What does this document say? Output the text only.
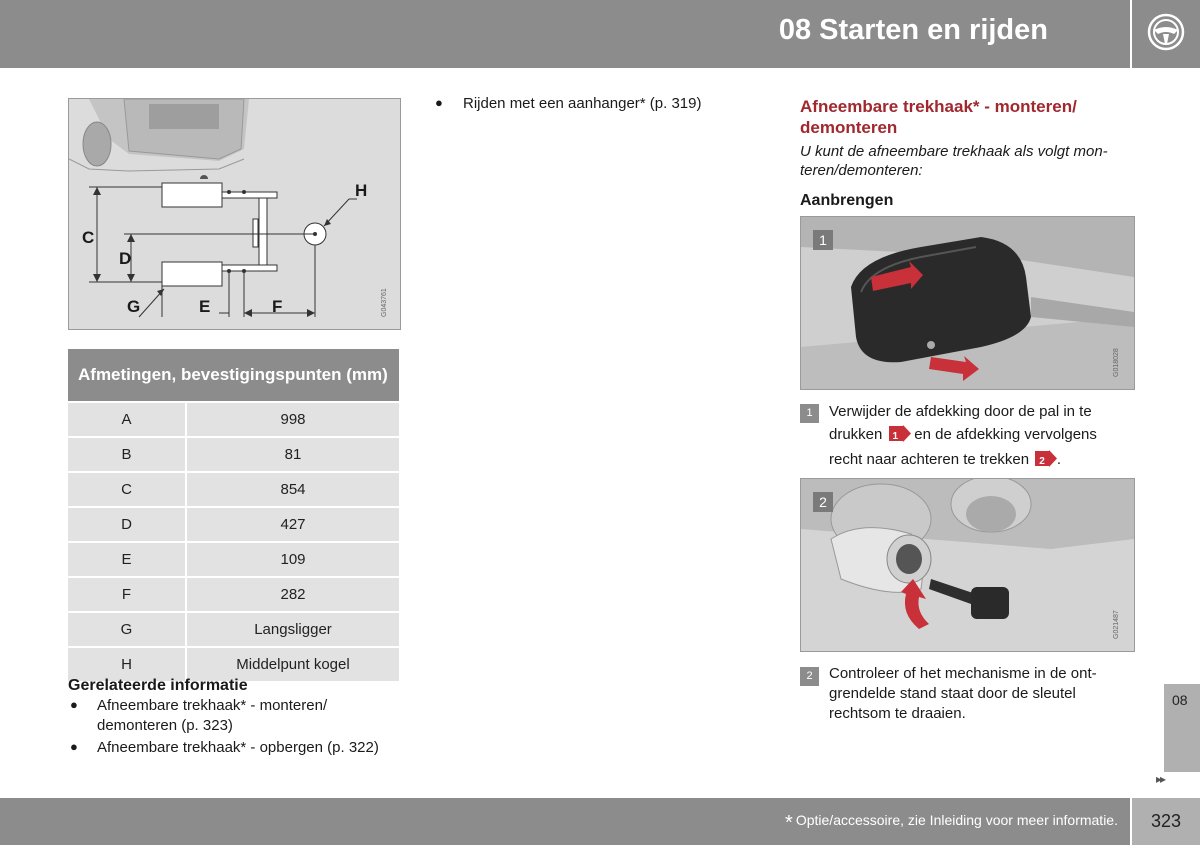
08 Starten en rijden
C
D
G	E	F
H
G043761
Afmetingen, bevestigingspunten (mm)	
A	998
B	81
C	854
D	427
E	109
F	282
G	Langsligger
H	Middelpunt kogel
Gerelateerde informatie
● Afneembare trekhaak* - monteren/
demonteren (p. 323)
● Afneembare trekhaak* - opbergen (p. 322)
● Rijden met een aanhanger* (p. 319)	Afneembare trekhaak* - monteren/
demonteren
U kunt de afneembare trekhaak als volgt mon-
teren/demonteren:
Aanbrengen
1
G018028
1	Verwijder de afdekking door de pal in te drukken 1 en de afdekking vervolgens recht naar achteren te trekken 2 .
2
G021487
2	Controleer of het mechanisme in de ont-
grendelde stand staat door de sleutel
rechtsom te draaien.
08
▸▸
* Optie/accessoire, zie Inleiding voor meer informatie.	323
